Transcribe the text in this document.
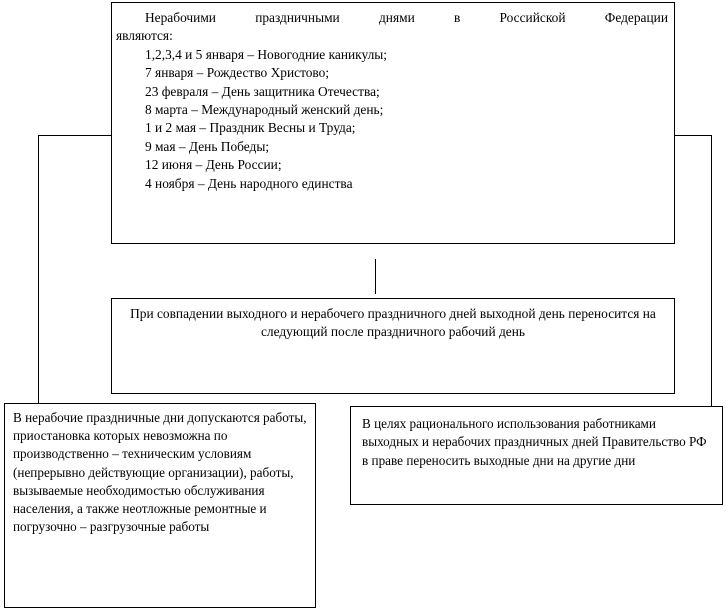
Нерабочими праздничными днями в Российской Федерации

являются:

1,2,3,4 и 5 января – Новогодние каникулы;
7 января – Рождество Христово;
23 февраля – День защитника Отечества;
8 марта – Международный женский день;
1 и 2 мая – Праздник Весны и Труда;
9 мая – День Победы;
12 июня – День России;
4 ноября – День народного единства

При совпадении выходного и нерабочего праздничного дней выходной день переносится на следующий после праздничного рабочий день

В нерабочие праздничные дни допускаются работы, приостановка которых невозможна по производственно – техническим условиям (непрерывно действующие организации), работы, вызываемые необходимостью обслуживания населения, а также неотложные ремонтные и погрузочно – разгрузочные работы

В целях рационального использования работниками выходных и нерабочих праздничных дней Правительство РФ в праве переносить выходные дни на другие дни
